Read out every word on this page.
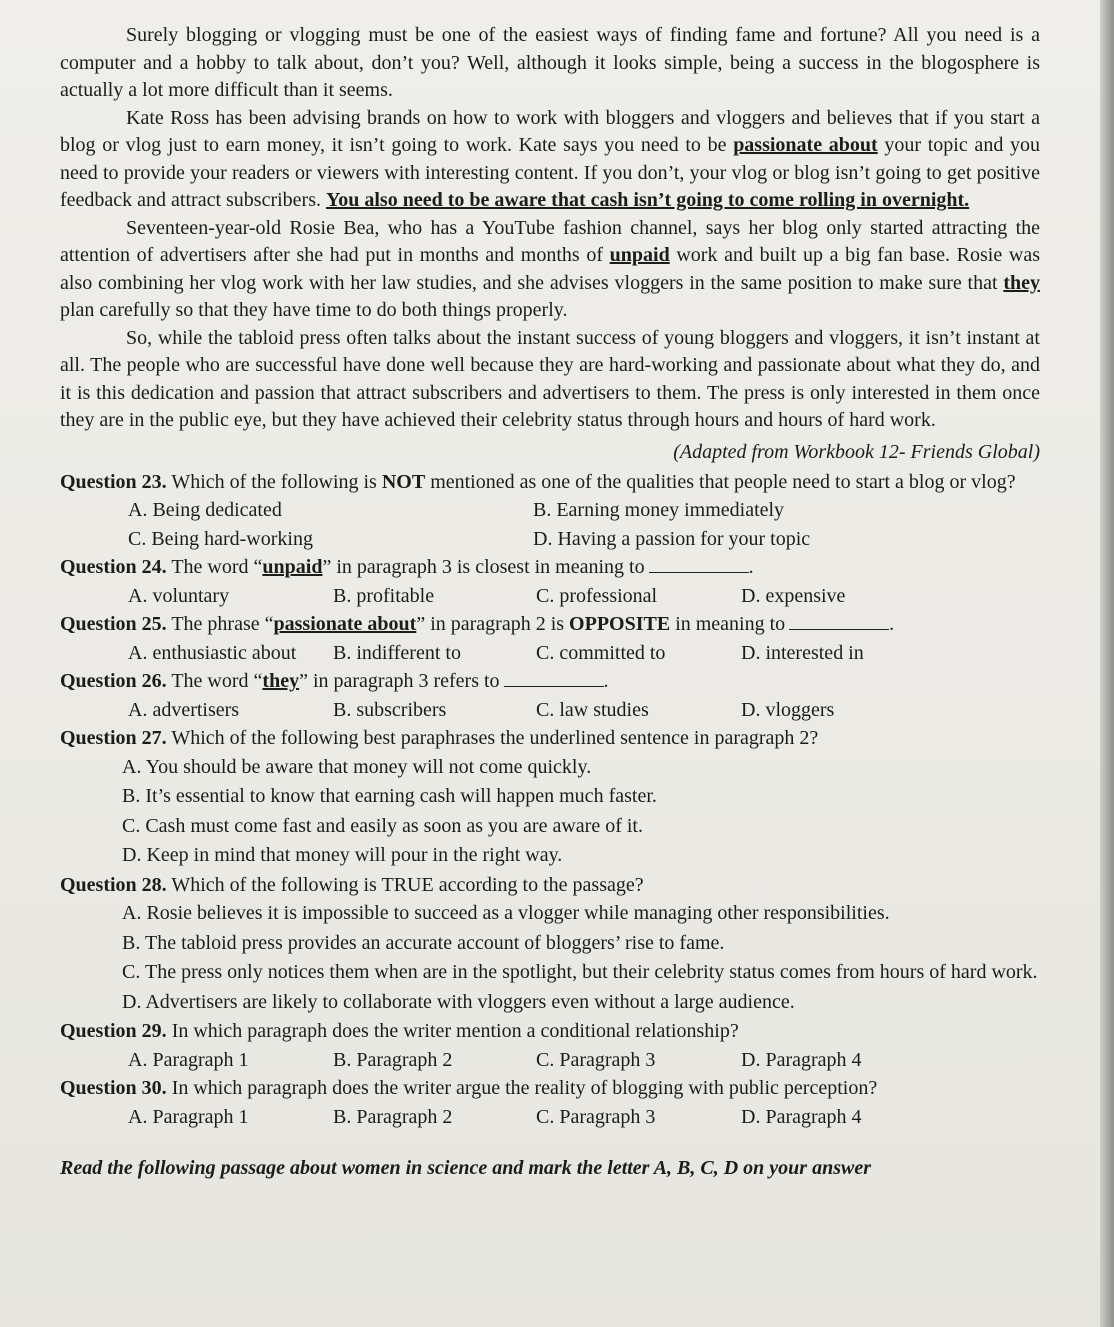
Surely blogging or vlogging must be one of the easiest ways of finding fame and fortune? All you need is a computer and a hobby to talk about, don’t you? Well, although it looks simple, being a success in the blogosphere is actually a lot more difficult than it seems.

Kate Ross has been advising brands on how to work with bloggers and vloggers and believes that if you start a blog or vlog just to earn money, it isn’t going to work. Kate says you need to be passionate about your topic and you need to provide your readers or viewers with interesting content. If you don’t, your vlog or blog isn’t going to get positive feedback and attract subscribers. You also need to be aware that cash isn’t going to come rolling in overnight.

Seventeen-year-old Rosie Bea, who has a YouTube fashion channel, says her blog only started attracting the attention of advertisers after she had put in months and months of unpaid work and built up a big fan base. Rosie was also combining her vlog work with her law studies, and she advises vloggers in the same position to make sure that they plan carefully so that they have time to do both things properly.

So, while the tabloid press often talks about the instant success of young bloggers and vloggers, it isn’t instant at all. The people who are successful have done well because they are hard-working and passionate about what they do, and it is this dedication and passion that attract subscribers and advertisers to them. The press is only interested in them once they are in the public eye, but they have achieved their celebrity status through hours and hours of hard work.

(Adapted from Workbook 12- Friends Global)

Question 23. Which of the following is NOT mentioned as one of the qualities that people need to start a blog or vlog?

A. Being dedicated	B. Earning money immediately
C. Being hard-working	D. Having a passion for your topic

Question 24. The word “unpaid” in paragraph 3 is closest in meaning to	.

A. voluntary	B. profitable	C. professional	D. expensive

Question 25. The phrase “passionate about” in paragraph 2 is OPPOSITE in meaning to	.

A. enthusiastic about	B. indifferent to	C. committed to	D. interested in

Question 26. The word “they” in paragraph 3 refers to	.

A. advertisers	B. subscribers	C. law studies	D. vloggers

Question 27. Which of the following best paraphrases the underlined sentence in paragraph 2?

A. You should be aware that money will not come quickly.
B. It’s essential to know that earning cash will happen much faster.
C. Cash must come fast and easily as soon as you are aware of it.
D. Keep in mind that money will pour in the right way.

Question 28. Which of the following is TRUE according to the passage?

A. Rosie believes it is impossible to succeed as a vlogger while managing other responsibilities.
B. The tabloid press provides an accurate account of bloggers’ rise to fame.
C. The press only notices them when are in the spotlight, but their celebrity status comes from hours of hard work.
D. Advertisers are likely to collaborate with vloggers even without a large audience.

Question 29. In which paragraph does the writer mention a conditional relationship?

A. Paragraph 1	B. Paragraph 2	C. Paragraph 3	D. Paragraph 4

Question 30. In which paragraph does the writer argue the reality of blogging with public perception?

A. Paragraph 1	B. Paragraph 2	C. Paragraph 3	D. Paragraph 4
Read the following passage about women in science and mark the letter A, B, C, D on your answer
